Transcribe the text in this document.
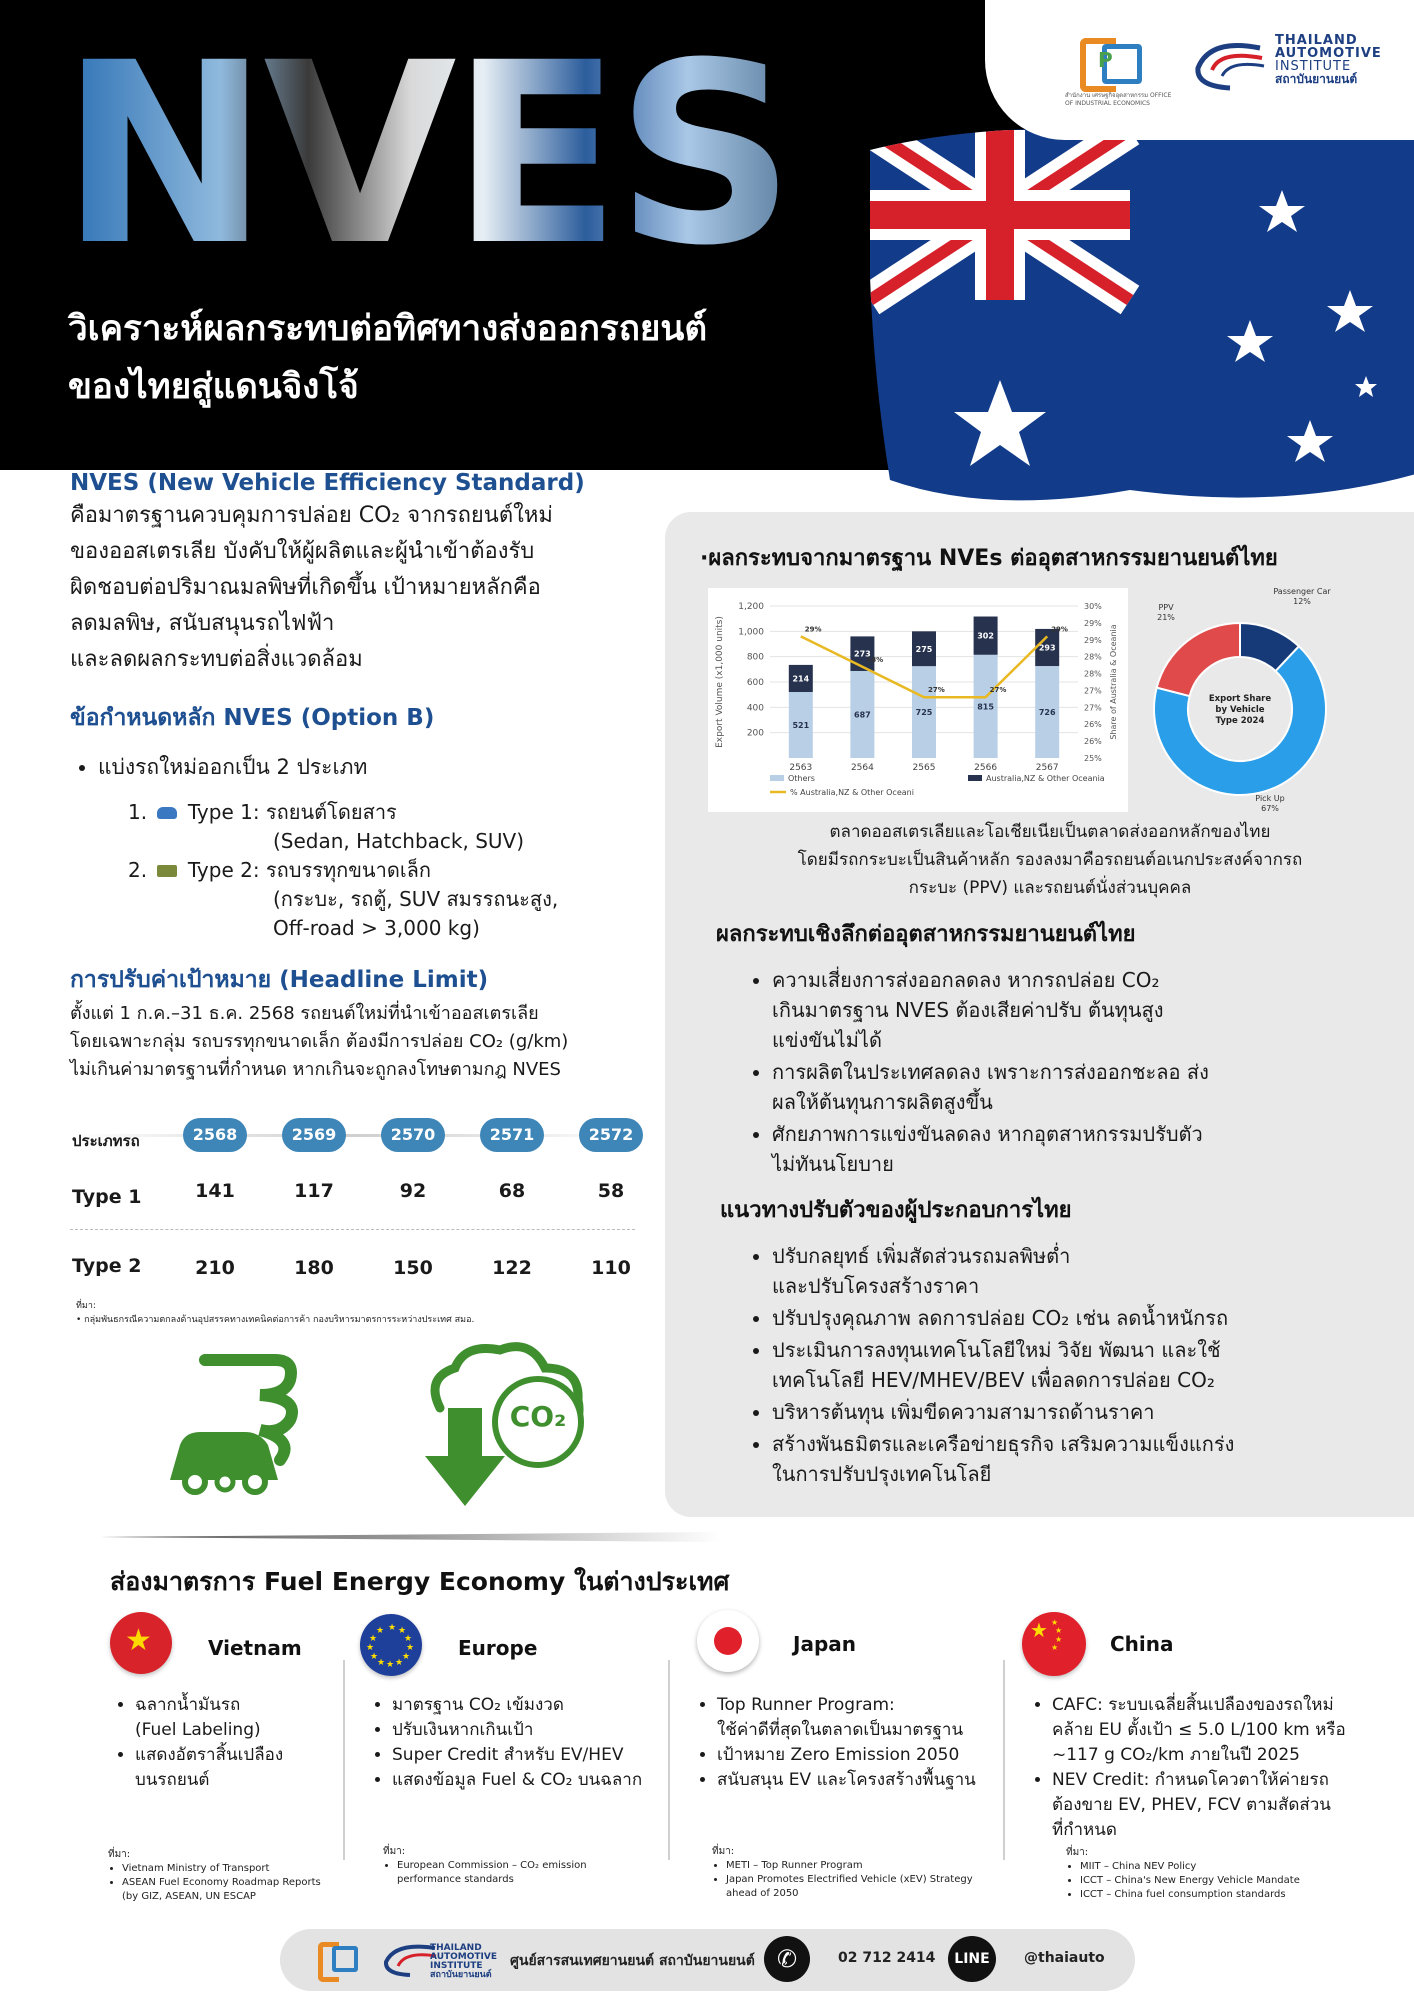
NVES
วิเคราะห์ผลกระทบต่อทิศทางส่งออกรถยนต์
ของไทยสู่แดนจิงโจ้
P
สำนักงาน เศรษฐกิจอุตสาหกรรม OFFICE OF INDUSTRIAL ECONOMICS
THAILAND
AUTOMOTIVE
INSTITUTE
สถาบันยานยนต์
NVES (New Vehicle Efficiency Standard)
คือมาตรฐานควบคุมการปล่อย CO₂ จากรถยนต์ใหม่
ของออสเตรเลีย บังคับให้ผู้ผลิตและผู้นำเข้าต้องรับ
ผิดชอบต่อปริมาณมลพิษที่เกิดขึ้น เป้าหมายหลักคือ
ลดมลพิษ, สนับสนุนรถไฟฟ้า
และลดผลกระทบต่อสิ่งแวดล้อม
ข้อกำหนดหลัก NVES (Option B)
• แบ่งรถใหม่ออกเป็น 2 ประเภท
1. Type 1: รถยนต์โดยสาร
(Sedan, Hatchback, SUV)
2. Type 2: รถบรรทุกขนาดเล็ก
(กระบะ, รถตู้, SUV สมรรถนะสูง,
Off-road > 3,000 kg)
การปรับค่าเป้าหมาย (Headline Limit)
ตั้งแต่ 1 ก.ค.–31 ธ.ค. 2568 รถยนต์ใหม่ที่นำเข้าออสเตรเลีย
โดยเฉพาะกลุ่ม รถบรรทุกขนาดเล็ก ต้องมีการปล่อย CO₂ (g/km)
ไม่เกินค่ามาตรฐานที่กำหนด หากเกินจะถูกลงโทษตามกฎ NVES
ประเภทรถ	2568	2569	2570	2571	2572
Type 1	141	117	92	68	58
Type 2	210	180	150	122	110
ที่มา:
• กลุ่มพันธกรณีความตกลงด้านอุปสรรคทางเทคนิคต่อการค้า กองบริหารมาตรการระหว่างประเทศ สมอ.
CO₂
·ผลกระทบจากมาตรฐาน NVEs ต่ออุตสาหกรรมยานยนต์ไทย
1,200
1,000
800
600
400
200
30%
29%
29%
28%
28%
27%
27%
26%
26%
25%
Export Volume (x1,000 units)	Share of Australia & Oceania
521
214
2563
687
273
2564
725
275
2565
815
302
2566
726
293
2567
29%
28%
27%	27%
29%
Others	Australia,NZ & Other Oceania
% Australia,NZ & Other Oceani
Export Share
by Vehicle
Type 2024
Passenger Car
12%
PPV
21%
Pick Up
67%
ตลาดออสเตรเลียและโอเชียเนียเป็นตลาดส่งออกหลักของไทย
โดยมีรถกระบะเป็นสินค้าหลัก รองลงมาคือรถยนต์อเนกประสงค์จากรถ
กระบะ (PPV) และรถยนต์นั่งส่วนบุคคล
ผลกระทบเชิงลึกต่ออุตสาหกรรมยานยนต์ไทย
• ความเสี่ยงการส่งออกลดลง หากรถปล่อย CO₂
เกินมาตรฐาน NVES ต้องเสียค่าปรับ ต้นทุนสูง
แข่งขันไม่ได้
• การผลิตในประเทศลดลง เพราะการส่งออกชะลอ ส่ง
ผลให้ต้นทุนการผลิตสูงขึ้น
• ศักยภาพการแข่งขันลดลง หากอุตสาหกรรมปรับตัว
ไม่ทันนโยบาย
แนวทางปรับตัวของผู้ประกอบการไทย
• ปรับกลยุทธ์ เพิ่มสัดส่วนรถมลพิษต่ำ
และปรับโครงสร้างราคา
• ปรับปรุงคุณภาพ ลดการปล่อย CO₂ เช่น ลดน้ำหนักรถ
• ประเมินการลงทุนเทคโนโลยีใหม่ วิจัย พัฒนา และใช้
เทคโนโลยี HEV/MHEV/BEV เพื่อลดการปล่อย CO₂
• บริหารต้นทุน เพิ่มขีดความสามารถด้านราคา
• สร้างพันธมิตรและเครือข่ายธุรกิจ เสริมความแข็งแกร่ง
ในการปรับปรุงเทคโนโลยี
ส่องมาตรการ Fuel Energy Economy ในต่างประเทศ
★	Vietnam
• ฉลากน้ำมันรถ
(Fuel Labeling)
• แสดงอัตราสิ้นเปลือง
บนรถยนต์
ที่มา:
• Vietnam Ministry of Transport
• ASEAN Fuel Economy Roadmap Reports (by GIZ, ASEAN, UN ESCAP
★ ★
★
★
★
★
★
★
★
★
★
★
Europe
• มาตรฐาน CO₂ เข้มงวด
• ปรับเงินหากเกินเป้า
• Super Credit สำหรับ EV/HEV
• แสดงข้อมูล Fuel & CO₂ บนฉลาก
ที่มา:
• European Commission – CO₂ emission performance standards
Japan
• Top Runner Program:
ใช้ค่าดีที่สุดในตลาดเป็นมาตรฐาน
• เป้าหมาย Zero Emission 2050
• สนับสนุน EV และโครงสร้างพื้นฐาน
ที่มา:
• METI – Top Runner Program
• Japan Promotes Electrified Vehicle (xEV) Strategy ahead of 2050
★ ★
★
★
★	China
• CAFC: ระบบเฉลี่ยสิ้นเปลืองของรถใหม่
คล้าย EU ตั้งเป้า ≤ 5.0 L/100 km หรือ
~117 g CO₂/km ภายในปี 2025
• NEV Credit: กำหนดโควตาให้ค่ายรถ
ต้องขาย EV, PHEV, FCV ตามสัดส่วน
ที่กำหนด
ที่มา:
• MIIT – China NEV Policy
• ICCT – China's New Energy Vehicle Mandate
• ICCT – China fuel consumption standards
THAILAND
AUTOMOTIVE
INSTITUTE
สถาบันยานยนต์
ศูนย์สารสนเทศยานยนต์ สถาบันยานยนต์ ✆	02 712 2414	LINE	@thaiauto
